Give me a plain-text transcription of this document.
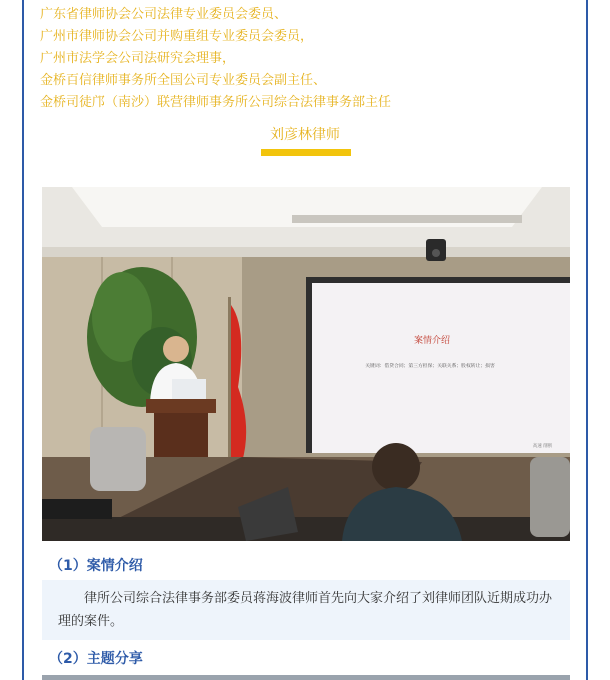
广东省律师协会公司法律专业委员会委员、
广州市律师协会公司并购重组专业委员会委员，
广州市法学会公司法研究会理事，
金桥百信律师事务所全国公司专业委员会副主任、
金桥司徒邝（南沙）联营律师事务所公司综合法律事务部主任
刘彦林律师
案情介绍
关键词：借贷合同；第三方担保；关联关系；股权转让；损害
高速 削断
（1）案情介绍
律所公司综合法律事务部委员蒋海波律师首先向大家介绍了刘律师团队近期成功办理的案件。
（2）主题分享
